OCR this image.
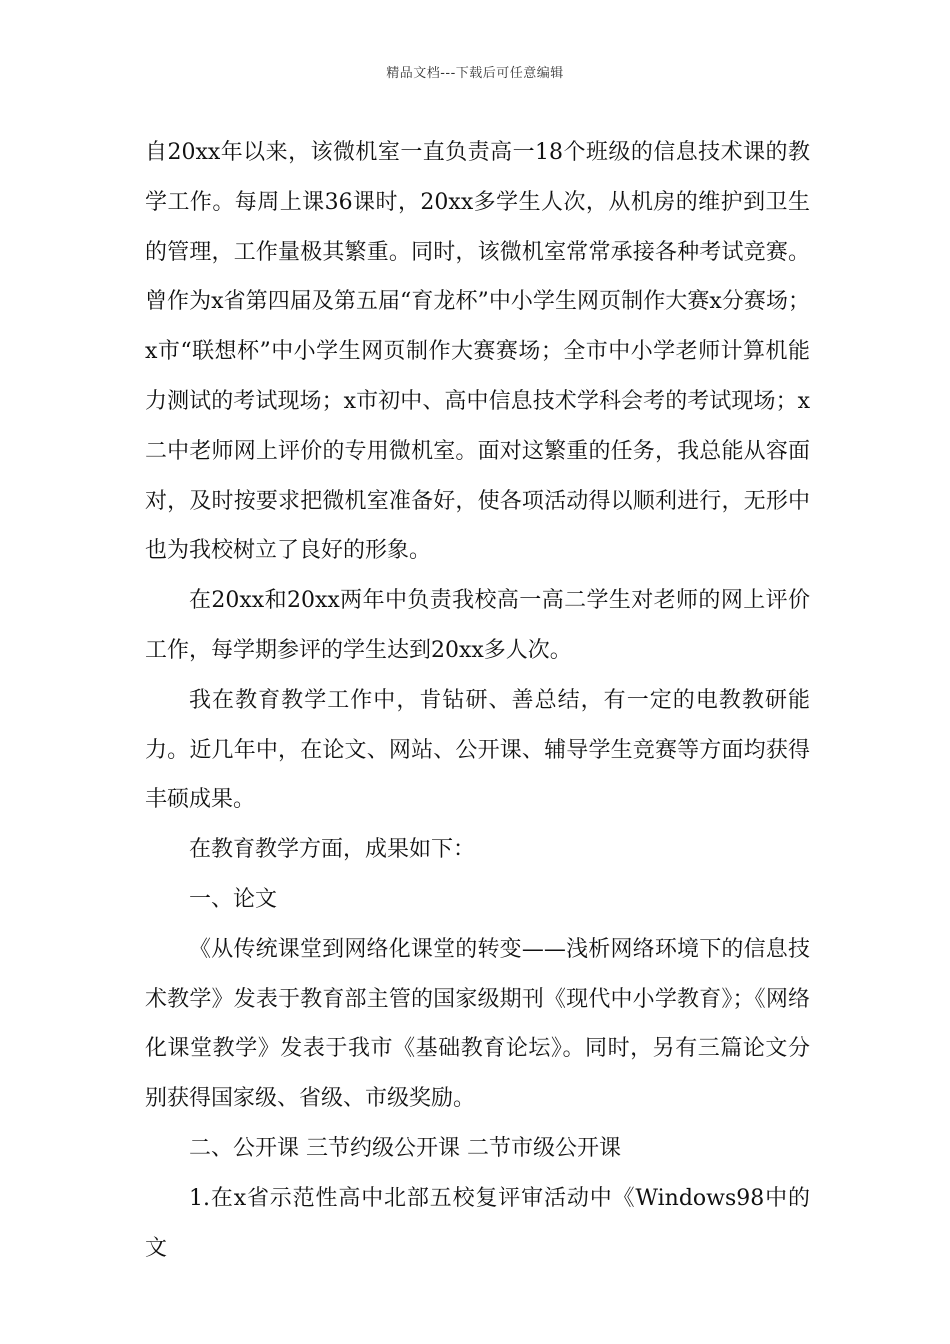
精品文档---下载后可任意编辑

自20xx年以来，该微机室一直负责高一18个班级的信息技术课的教学工作。每周上课36课时，20xx多学生人次，从机房的维护到卫生的管理，工作量极其繁重。同时，该微机室常常承接各种考试竞赛。曾作为x省第四届及第五届“育龙杯”中小学生网页制作大赛x分赛场；x市“联想杯”中小学生网页制作大赛赛场；全市中小学老师计算机能力测试的考试现场；x市初中、高中信息技术学科会考的考试现场；x二中老师网上评价的专用微机室。面对这繁重的任务，我总能从容面对，及时按要求把微机室准备好，使各项活动得以顺利进行，无形中也为我校树立了良好的形象。

在20xx和20xx两年中负责我校高一高二学生对老师的网上评价工作，每学期参评的学生达到20xx多人次。

我在教育教学工作中，肯钻研、善总结，有一定的电教教研能力。近几年中，在论文、网站、公开课、辅导学生竞赛等方面均获得丰硕成果。

在教育教学方面，成果如下：

一、论文

《从传统课堂到网络化课堂的转变——浅析网络环境下的信息技术教学》发表于教育部主管的国家级期刊《现代中小学教育》；《网络化课堂教学》发表于我市《基础教育论坛》。同时，另有三篇论文分别获得国家级、省级、市级奖励。

二、公开课 三节约级公开课 二节市级公开课

1.在x省示范性高中北部五校复评审活动中《Windows98中的文
